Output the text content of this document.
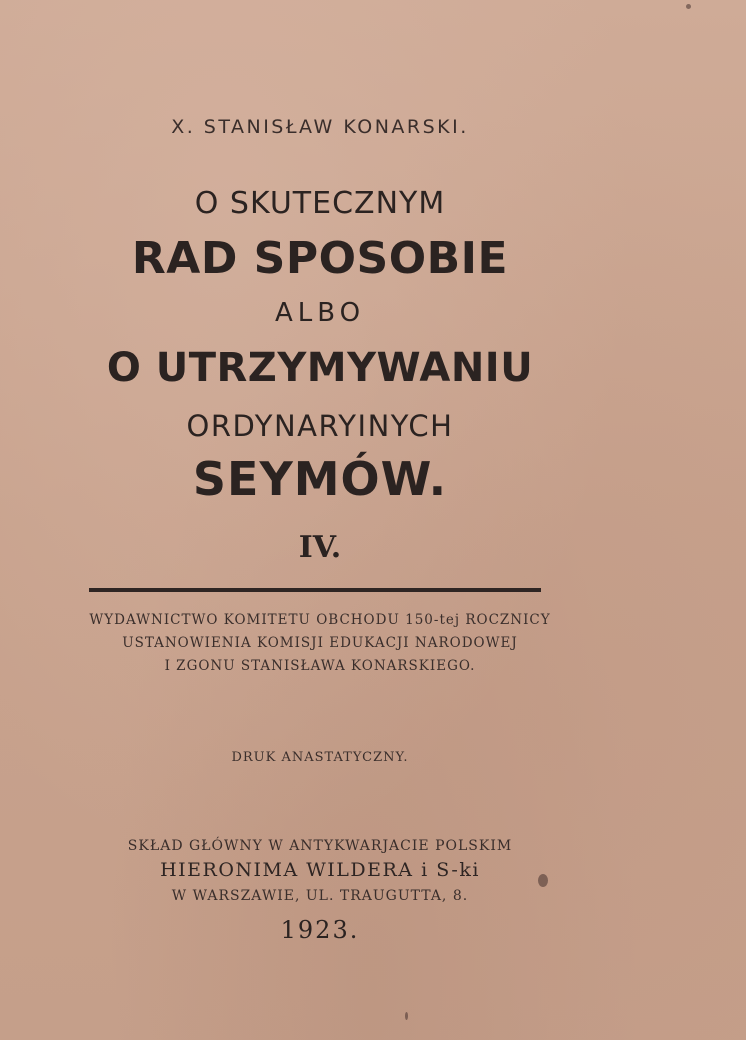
X. STANISŁAW KONARSKI.

O SKUTECZNYM

RAD SPOSOBIE

ALBO

O UTRZYMYWANIU

ORDYNARYINYCH

SEYMÓW.

IV.

WYDAWNICTWO KOMITETU OBCHODU 150-tej ROCZNICY

USTANOWIENIA KOMISJI EDUKACJI NARODOWEJ

I ZGONU STANISŁAWA KONARSKIEGO.

DRUK ANASTATYCZNY.

SKŁAD GŁÓWNY W ANTYKWARJACIE POLSKIM

HIERONIMA WILDERA i S-ki

W WARSZAWIE, UL. TRAUGUTTA, 8.

1923.
